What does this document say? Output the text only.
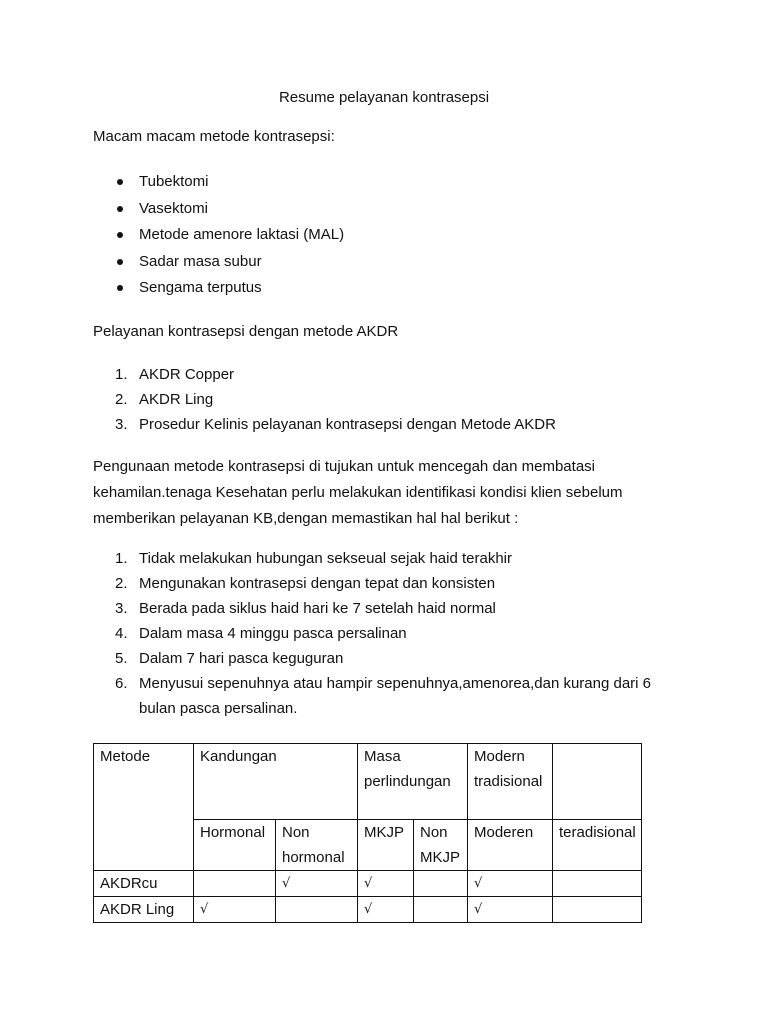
Resume pelayanan kontrasepsi
Macam macam metode kontrasepsi:
Tubektomi
Vasektomi
Metode amenore laktasi (MAL)
Sadar masa subur
Sengama terputus
Pelayanan kontrasepsi dengan metode AKDR
1. AKDR Copper
2. AKDR Ling
3. Prosedur Kelinis pelayanan kontrasepsi dengan Metode AKDR
Pengunaan metode kontrasepsi di tujukan untuk mencegah dan membatasi kehamilan.tenaga Kesehatan perlu melakukan identifikasi kondisi klien sebelum memberikan pelayanan KB,dengan memastikan hal hal berikut :
1. Tidak melakukan hubungan sekseual sejak haid terakhir
2. Mengunakan kontrasepsi dengan tepat dan konsisten
3. Berada pada siklus haid hari ke 7 setelah haid normal
4. Dalam masa 4 minggu pasca persalinan
5. Dalam 7 hari pasca keguguran
6. Menyusui sepenuhnya atau hampir sepenuhnya,amenorea,dan kurang dari 6 bulan pasca persalinan.
Metode	Kandungan		Masa perlindungan		Modern tradisional	
	Hormonal	Non hormonal	MKJP	Non MKJP	Moderen	teradisional
AKDRcu		√	√		√	
AKDR Ling	√		√		√	
